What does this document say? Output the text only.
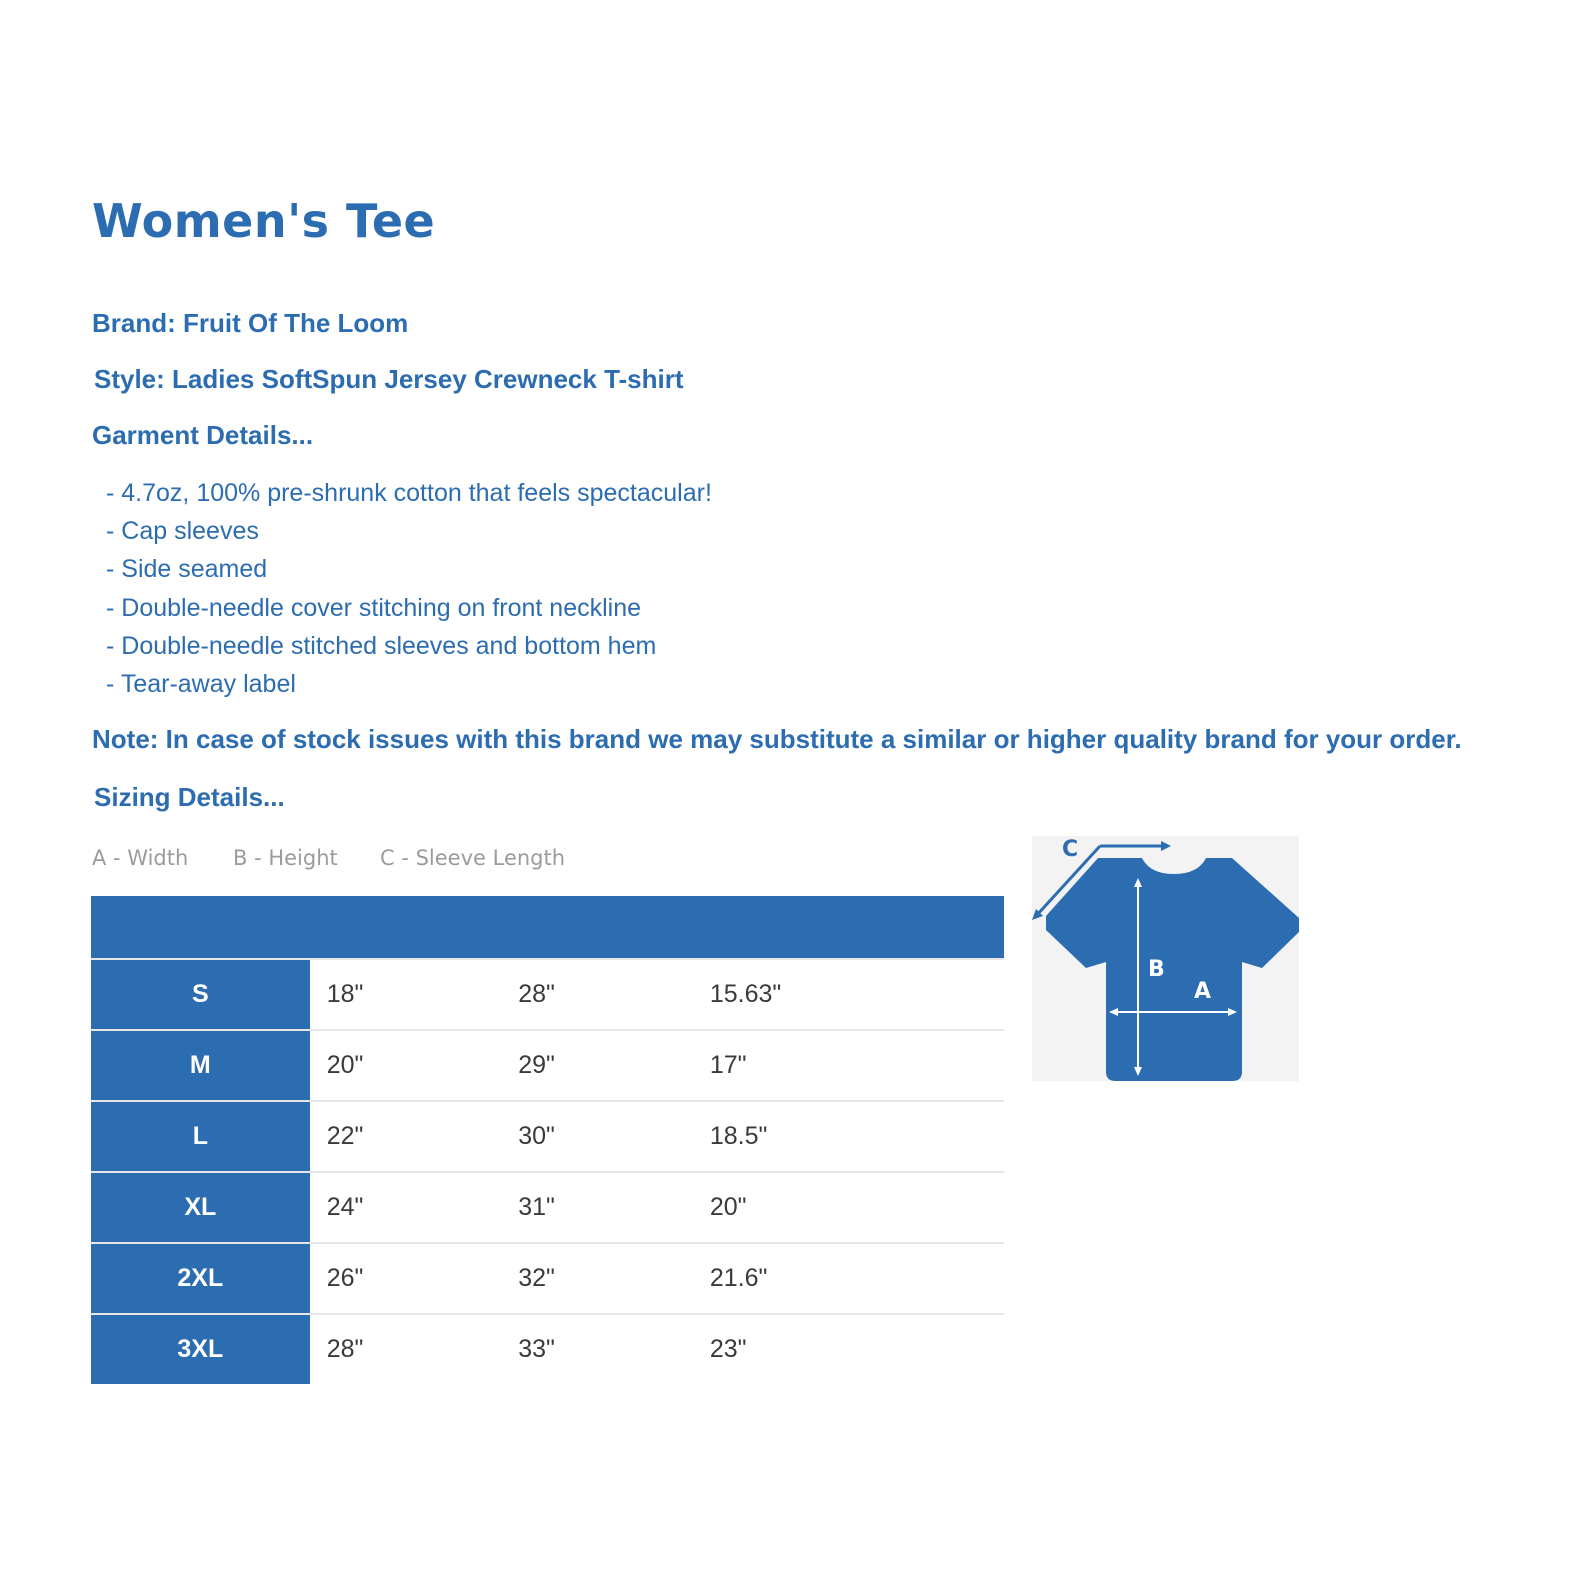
Women's Tee

Brand: Fruit Of The Loom

Style: Ladies SoftSpun Jersey Crewneck T-shirt

Garment Details...

- 4.7oz, 100% pre-shrunk cotton that feels spectacular!
- Cap sleeves
- Side seamed
- Double-needle cover stitching on front neckline
- Double-needle stitched sleeves and bottom hem
- Tear-away label

Note: In case of stock issues with this brand we may substitute a similar or higher quality brand for your order.

Sizing Details...

A - Width B - Height C - Sleeve Length
S	18"	28"	15.63"
M	20"	29"	17"
L	22"	30"	18.5"
XL	24"	31"	20"
2XL	26"	32"	21.6"
3XL	28"	33"	23"
C
B
A
